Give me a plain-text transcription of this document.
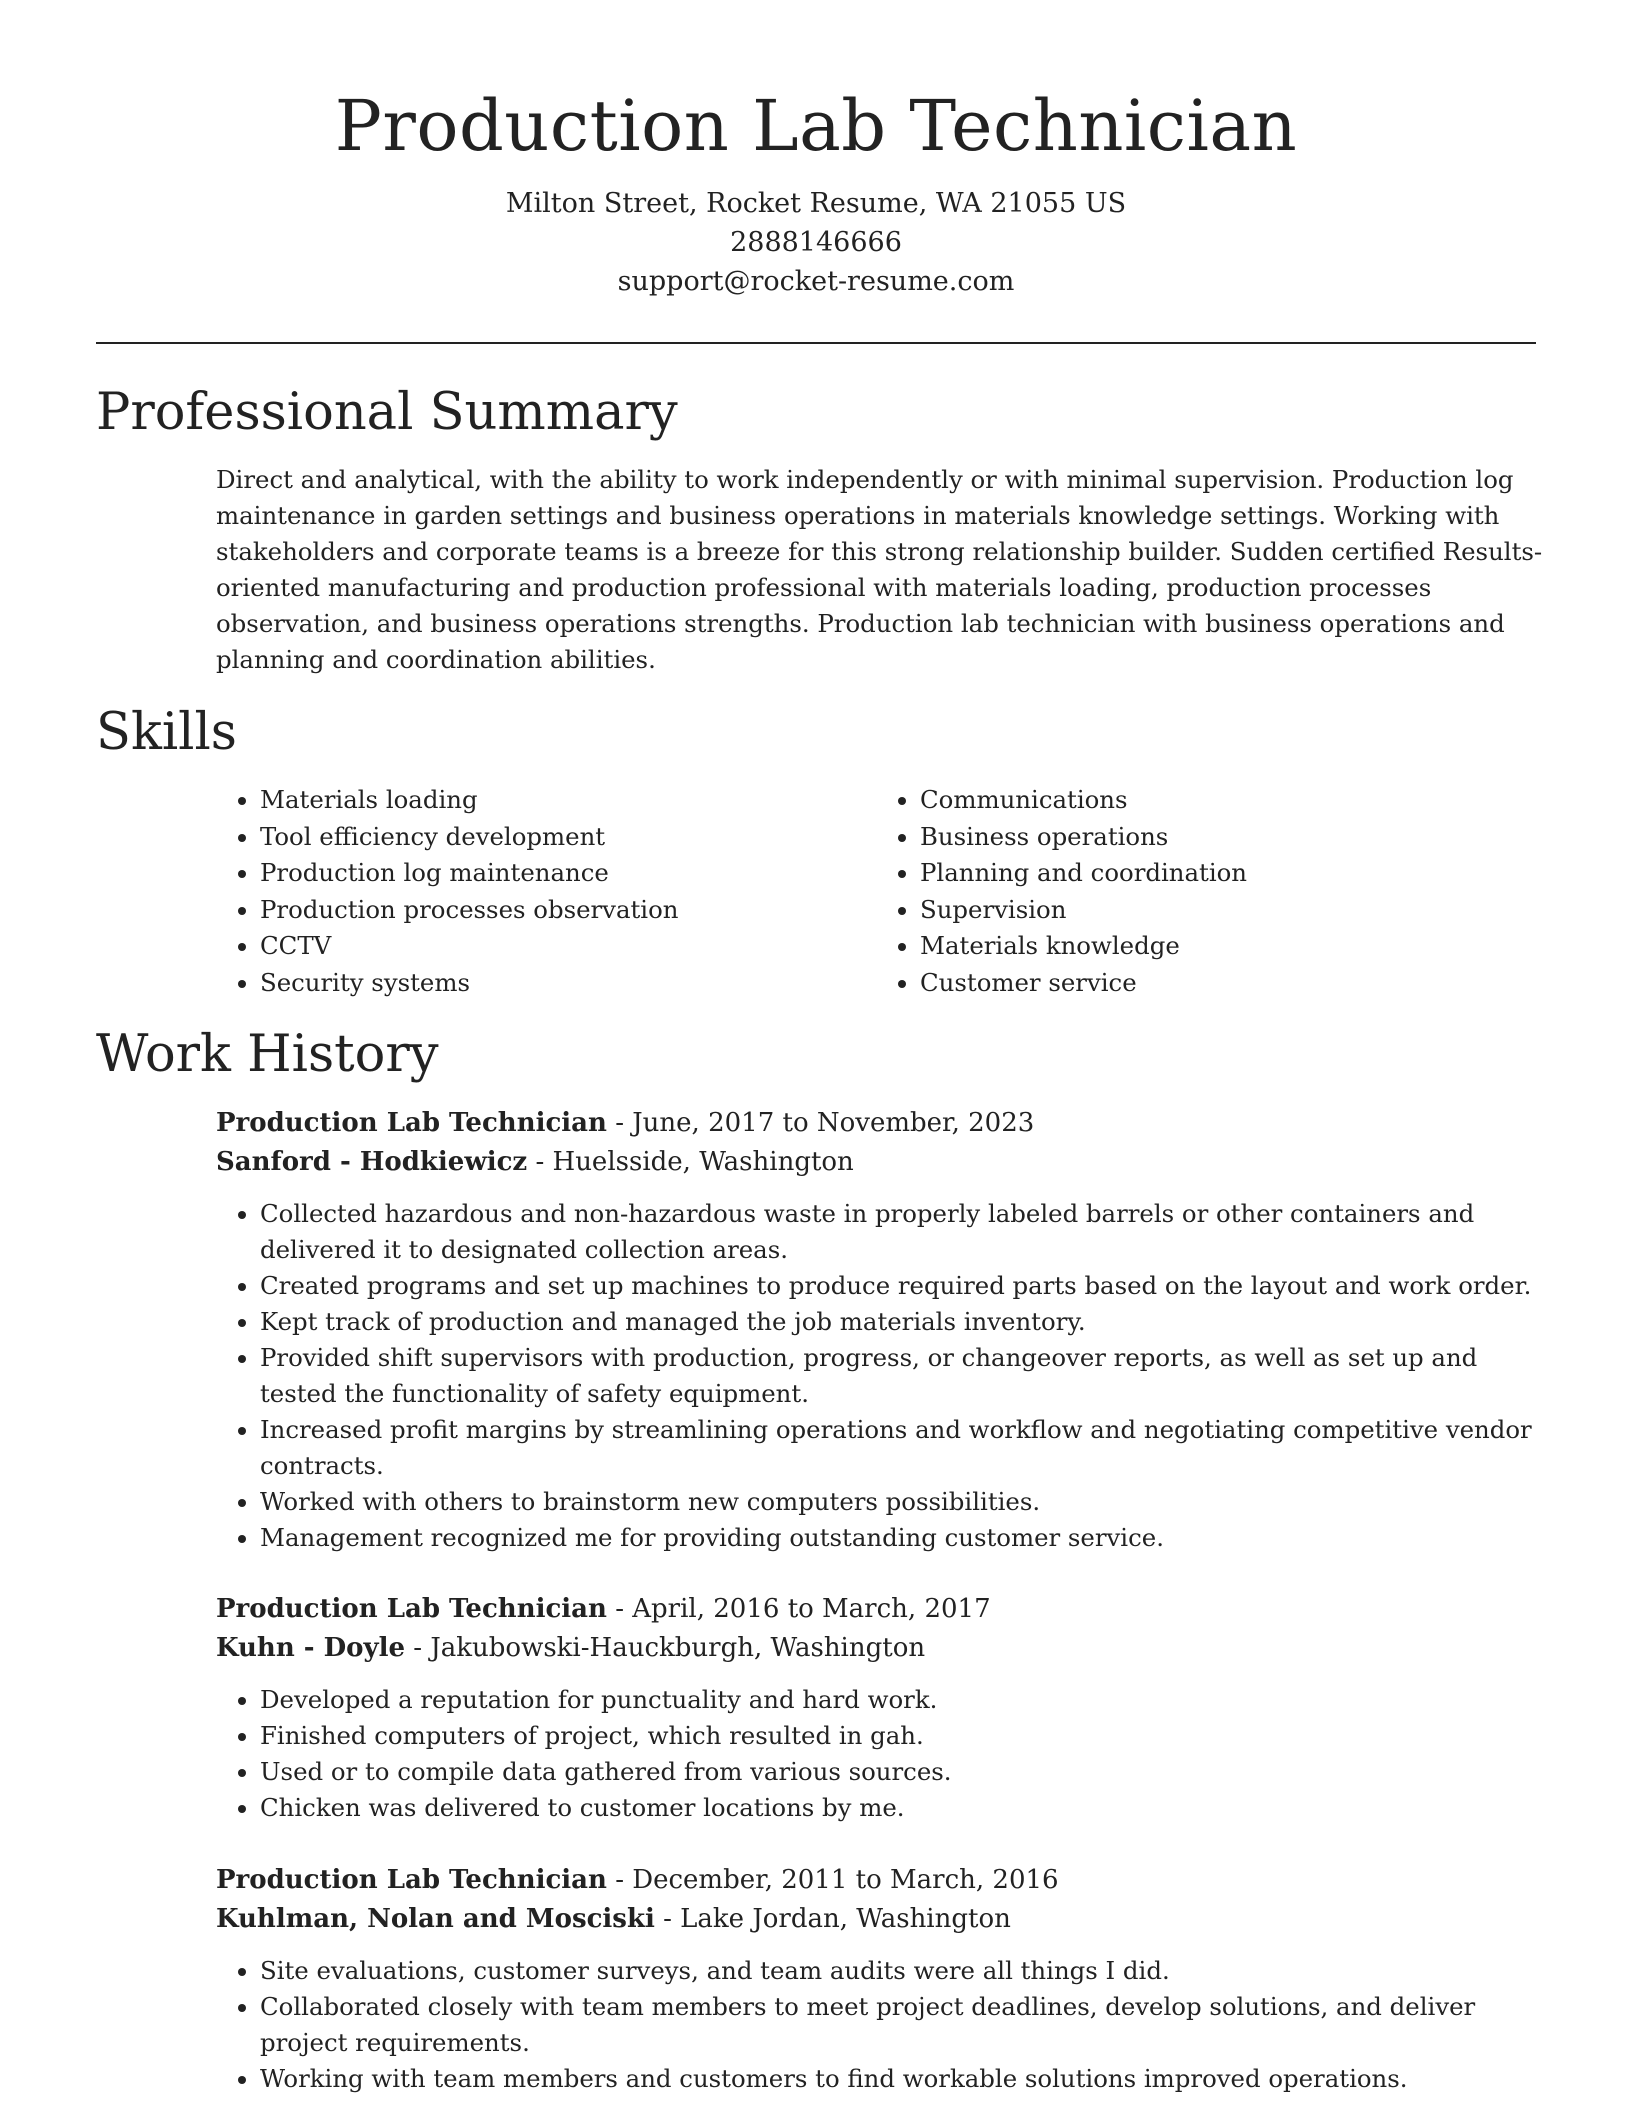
Production Lab Technician
Milton Street, Rocket Resume, WA 21055 US
2888146666
support@rocket-resume.com
Professional Summary

Direct and analytical, with the ability to work independently or with minimal supervision. Production log maintenance in garden settings and business operations in materials knowledge settings. Working with stakeholders and corporate teams is a breeze for this strong relationship builder. Sudden certified Results-oriented manufacturing and production professional with materials loading, production processes observation, and business operations strengths. Production lab technician with business operations and planning and coordination abilities.

Skills
• Materials loading
• Tool efficiency development
• Production log maintenance
• Production processes observation
• CCTV
• Security systems
• Communications
• Business operations
• Planning and coordination
• Supervision
• Materials knowledge
• Customer service
Work History
Production Lab Technician - June, 2017 to November, 2023
Sanford - Hodkiewicz - Huelsside, Washington
• Collected hazardous and non-hazardous waste in properly labeled barrels or other containers and delivered it to designated collection areas.
• Created programs and set up machines to produce required parts based on the layout and work order.
• Kept track of production and managed the job materials inventory.
• Provided shift supervisors with production, progress, or changeover reports, as well as set up and tested the functionality of safety equipment.
• Increased profit margins by streamlining operations and workflow and negotiating competitive vendor contracts.
• Worked with others to brainstorm new computers possibilities.
• Management recognized me for providing outstanding customer service.
Production Lab Technician - April, 2016 to March, 2017
Kuhn - Doyle - Jakubowski-Hauckburgh, Washington
• Developed a reputation for punctuality and hard work.
• Finished computers of project, which resulted in gah.
• Used or to compile data gathered from various sources.
• Chicken was delivered to customer locations by me.
Production Lab Technician - December, 2011 to March, 2016
Kuhlman, Nolan and Mosciski - Lake Jordan, Washington
• Site evaluations, customer surveys, and team audits were all things I did.
• Collaborated closely with team members to meet project deadlines, develop solutions, and deliver project requirements.
• Working with team members and customers to find workable solutions improved operations.
